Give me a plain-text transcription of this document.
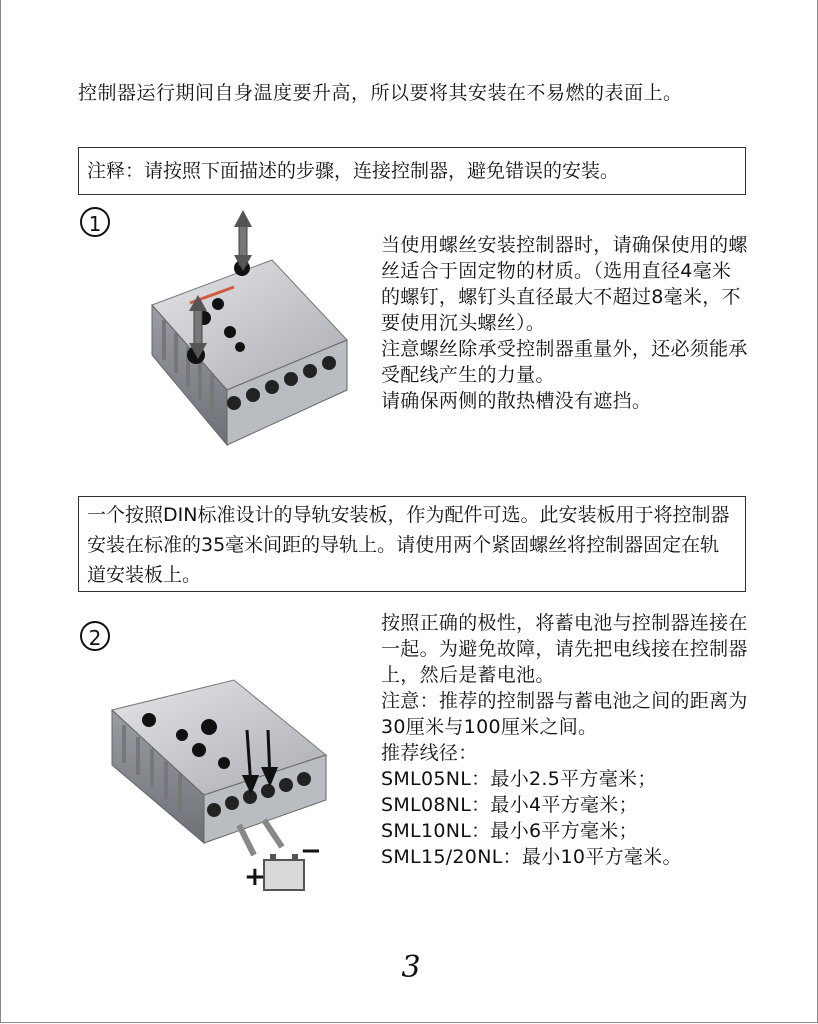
控制器运行期间自身温度要升高，所以要将其安装在不易燃的表面上。
注释：请按照下面描述的步骤，连接控制器，避免错误的安装。
1
当使用螺丝安装控制器时，请确保使用的螺丝适合于固定物的材质。（选用直径4毫米的螺钉，螺钉头直径最大不超过8毫米，不要使用沉头螺丝）。
注意螺丝除承受控制器重量外，还必须能承受配线产生的力量。
请确保两侧的散热槽没有遮挡。
一个按照DIN标准设计的导轨安装板，作为配件可选。此安装板用于将控制器安装在标准的35毫米间距的导轨上。请使用两个紧固螺丝将控制器固定在轨道安装板上。
2
+
−
按照正确的极性，将蓄电池与控制器连接在一起。为避免故障，请先把电线接在控制器上，然后是蓄电池。
注意：推荐的控制器与蓄电池之间的距离为30厘米与100厘米之间。
推荐线径：
SML05NL：最小2.5平方毫米；
SML08NL：最小4平方毫米；
SML10NL：最小6平方毫米；
SML15/20NL：最小10平方毫米。
3
